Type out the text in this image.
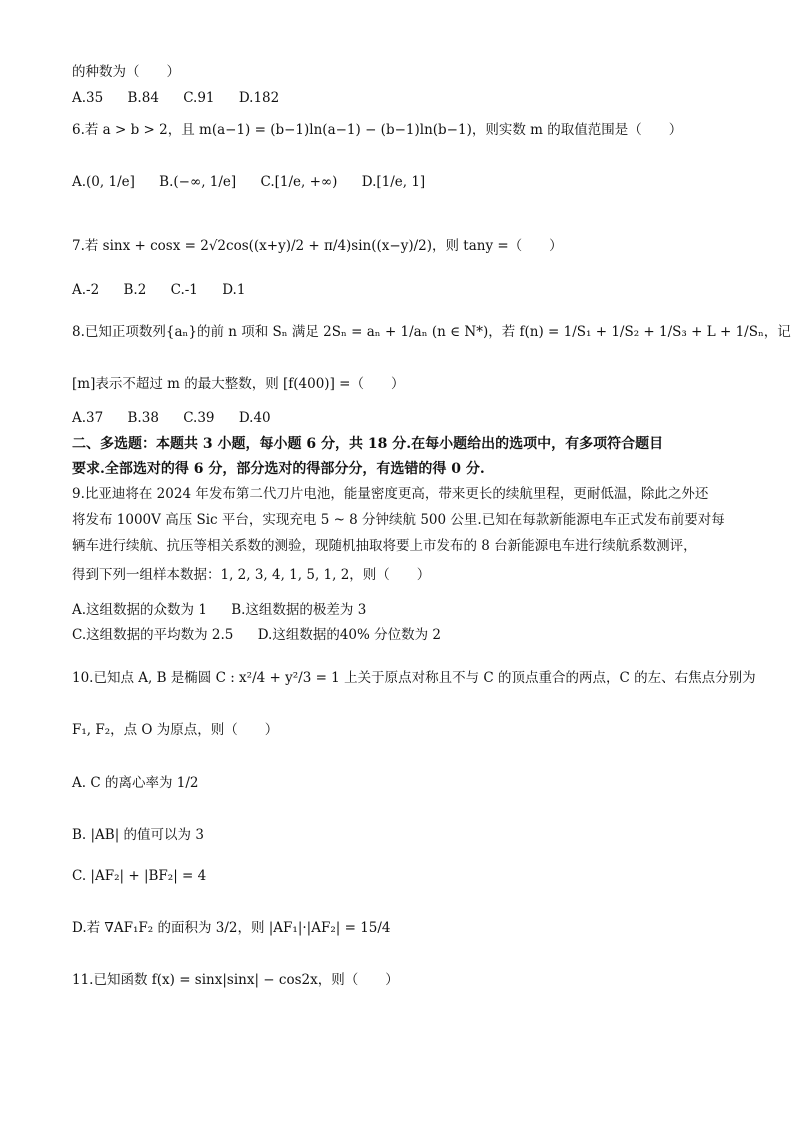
的种数为（　　）
A.35 B.84 C.91 D.182
6.若 a > b > 2，且 m(a−1) = (b−1)ln(a−1) − (b−1)ln(b−1)，则实数 m 的取值范围是（　　）
A.(0, 1/e] B.(−∞, 1/e] C.[1/e, +∞) D.[1/e, 1]
7.若 sinx + cosx = 2√2cos((x+y)/2 + π/4)sin((x−y)/2)，则 tany =（　　）
A.-2 B.2 C.-1 D.1
8.已知正项数列{aₙ}的前 n 项和 Sₙ 满足 2Sₙ = aₙ + 1/aₙ (n ∈ N*)，若 f(n) = 1/S₁ + 1/S₂ + 1/S₃ + L + 1/Sₙ，记
[m]表示不超过 m 的最大整数，则 [f(400)] =（　　）
A.37 B.38 C.39 D.40
二、多选题：本题共 3 小题，每小题 6 分，共 18 分.在每小题给出的选项中，有多项符合题目
要求.全部选对的得 6 分，部分选对的得部分分，有选错的得 0 分.
9.比亚迪将在 2024 年发布第二代刀片电池，能量密度更高，带来更长的续航里程，更耐低温，除此之外还
将发布 1000V 高压 Sic 平台，实现充电 5 ~ 8 分钟续航 500 公里.已知在每款新能源电车正式发布前要对每
辆车进行续航、抗压等相关系数的测验，现随机抽取将要上市发布的 8 台新能源电车进行续航系数测评，
得到下列一组样本数据：1, 2, 3, 4, 1, 5, 1, 2，则（　　）
A.这组数据的众数为 1 B.这组数据的极差为 3
C.这组数据的平均数为 2.5 D.这组数据的40% 分位数为 2
10.已知点 A, B 是椭圆 C : x²/4 + y²/3 = 1 上关于原点对称且不与 C 的顶点重合的两点，C 的左、右焦点分别为
F₁, F₂，点 O 为原点，则（　　）
A. C 的离心率为 1/2
B. |AB| 的值可以为 3
C. |AF₂| + |BF₂| = 4
D.若 ∇AF₁F₂ 的面积为 3/2，则 |AF₁|·|AF₂| = 15/4
11.已知函数 f(x) = sinx|sinx| − cos2x，则（　　）
